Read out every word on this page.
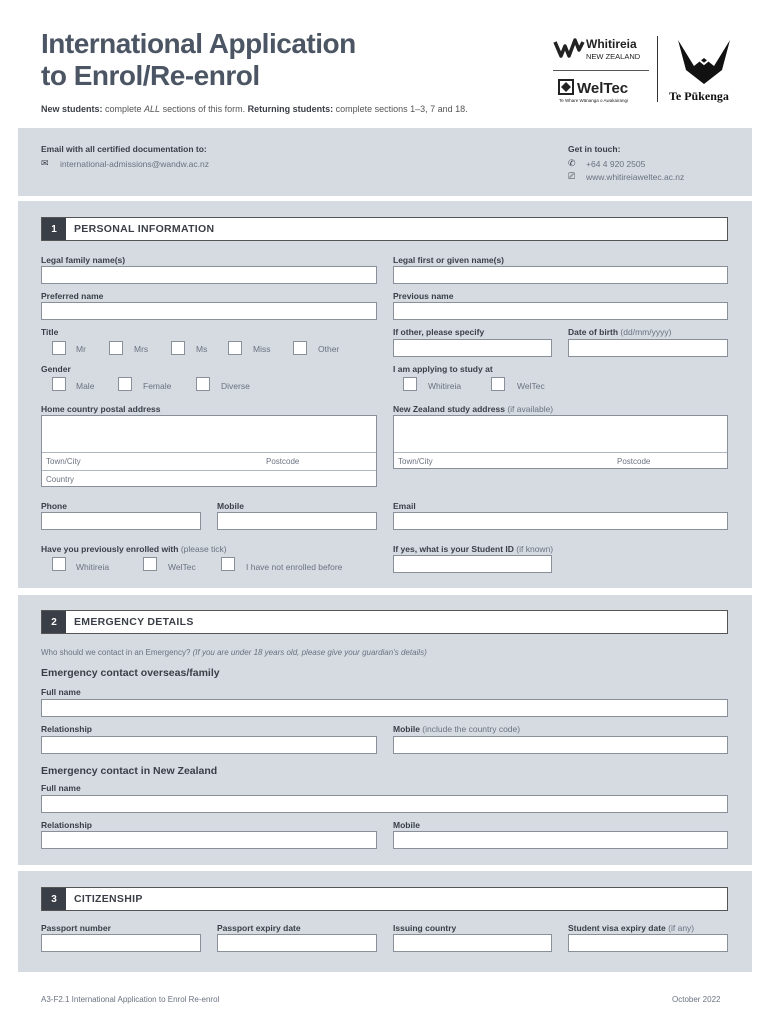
International Application
to Enrol/Re-enrol
New students: complete ALL sections of this form. Returning students: complete sections 1–3, 7 and 18.
Whitireia
NEW ZEALAND
WelTec
Te Whare Wānanga o Awakairangi	Te Pūkenga
Email with all certified documentation to:
✉ international-admissions@wandw.ac.nz
Get in touch:
✆ +64 4 920 2505
⎚ www.whitireiaweltec.ac.nz
1	PERSONAL INFORMATION
Legal family name(s)	Legal first or given name(s)
Preferred name	Previous name
Title
Mr	Mrs	Ms	Miss	Other
If other, please specify	Date of birth (dd/mm/yyyy)
Gender
Male	Female	Diverse
I am applying to study at
Whitireia	WelTec
Home country postal address
Town/City	Postcode
Country
New Zealand study address (if available)
Town/City	Postcode
Phone	Mobile	Email
Have you previously enrolled with (please tick)
Whitireia	WelTec	I have not enrolled before
If yes, what is your Student ID (if known)
2	EMERGENCY DETAILS
Who should we contact in an Emergency? (If you are under 18 years old, please give your guardian's details)
Emergency contact overseas/family
Full name
Relationship	Mobile (include the country code)
Emergency contact in New Zealand
Full name
Relationship	Mobile
3	CITIZENSHIP
Passport number	Passport expiry date	Issuing country	Student visa expiry date (if any)
A3-F2.1 International Application to Enrol Re-enrol	October 2022
